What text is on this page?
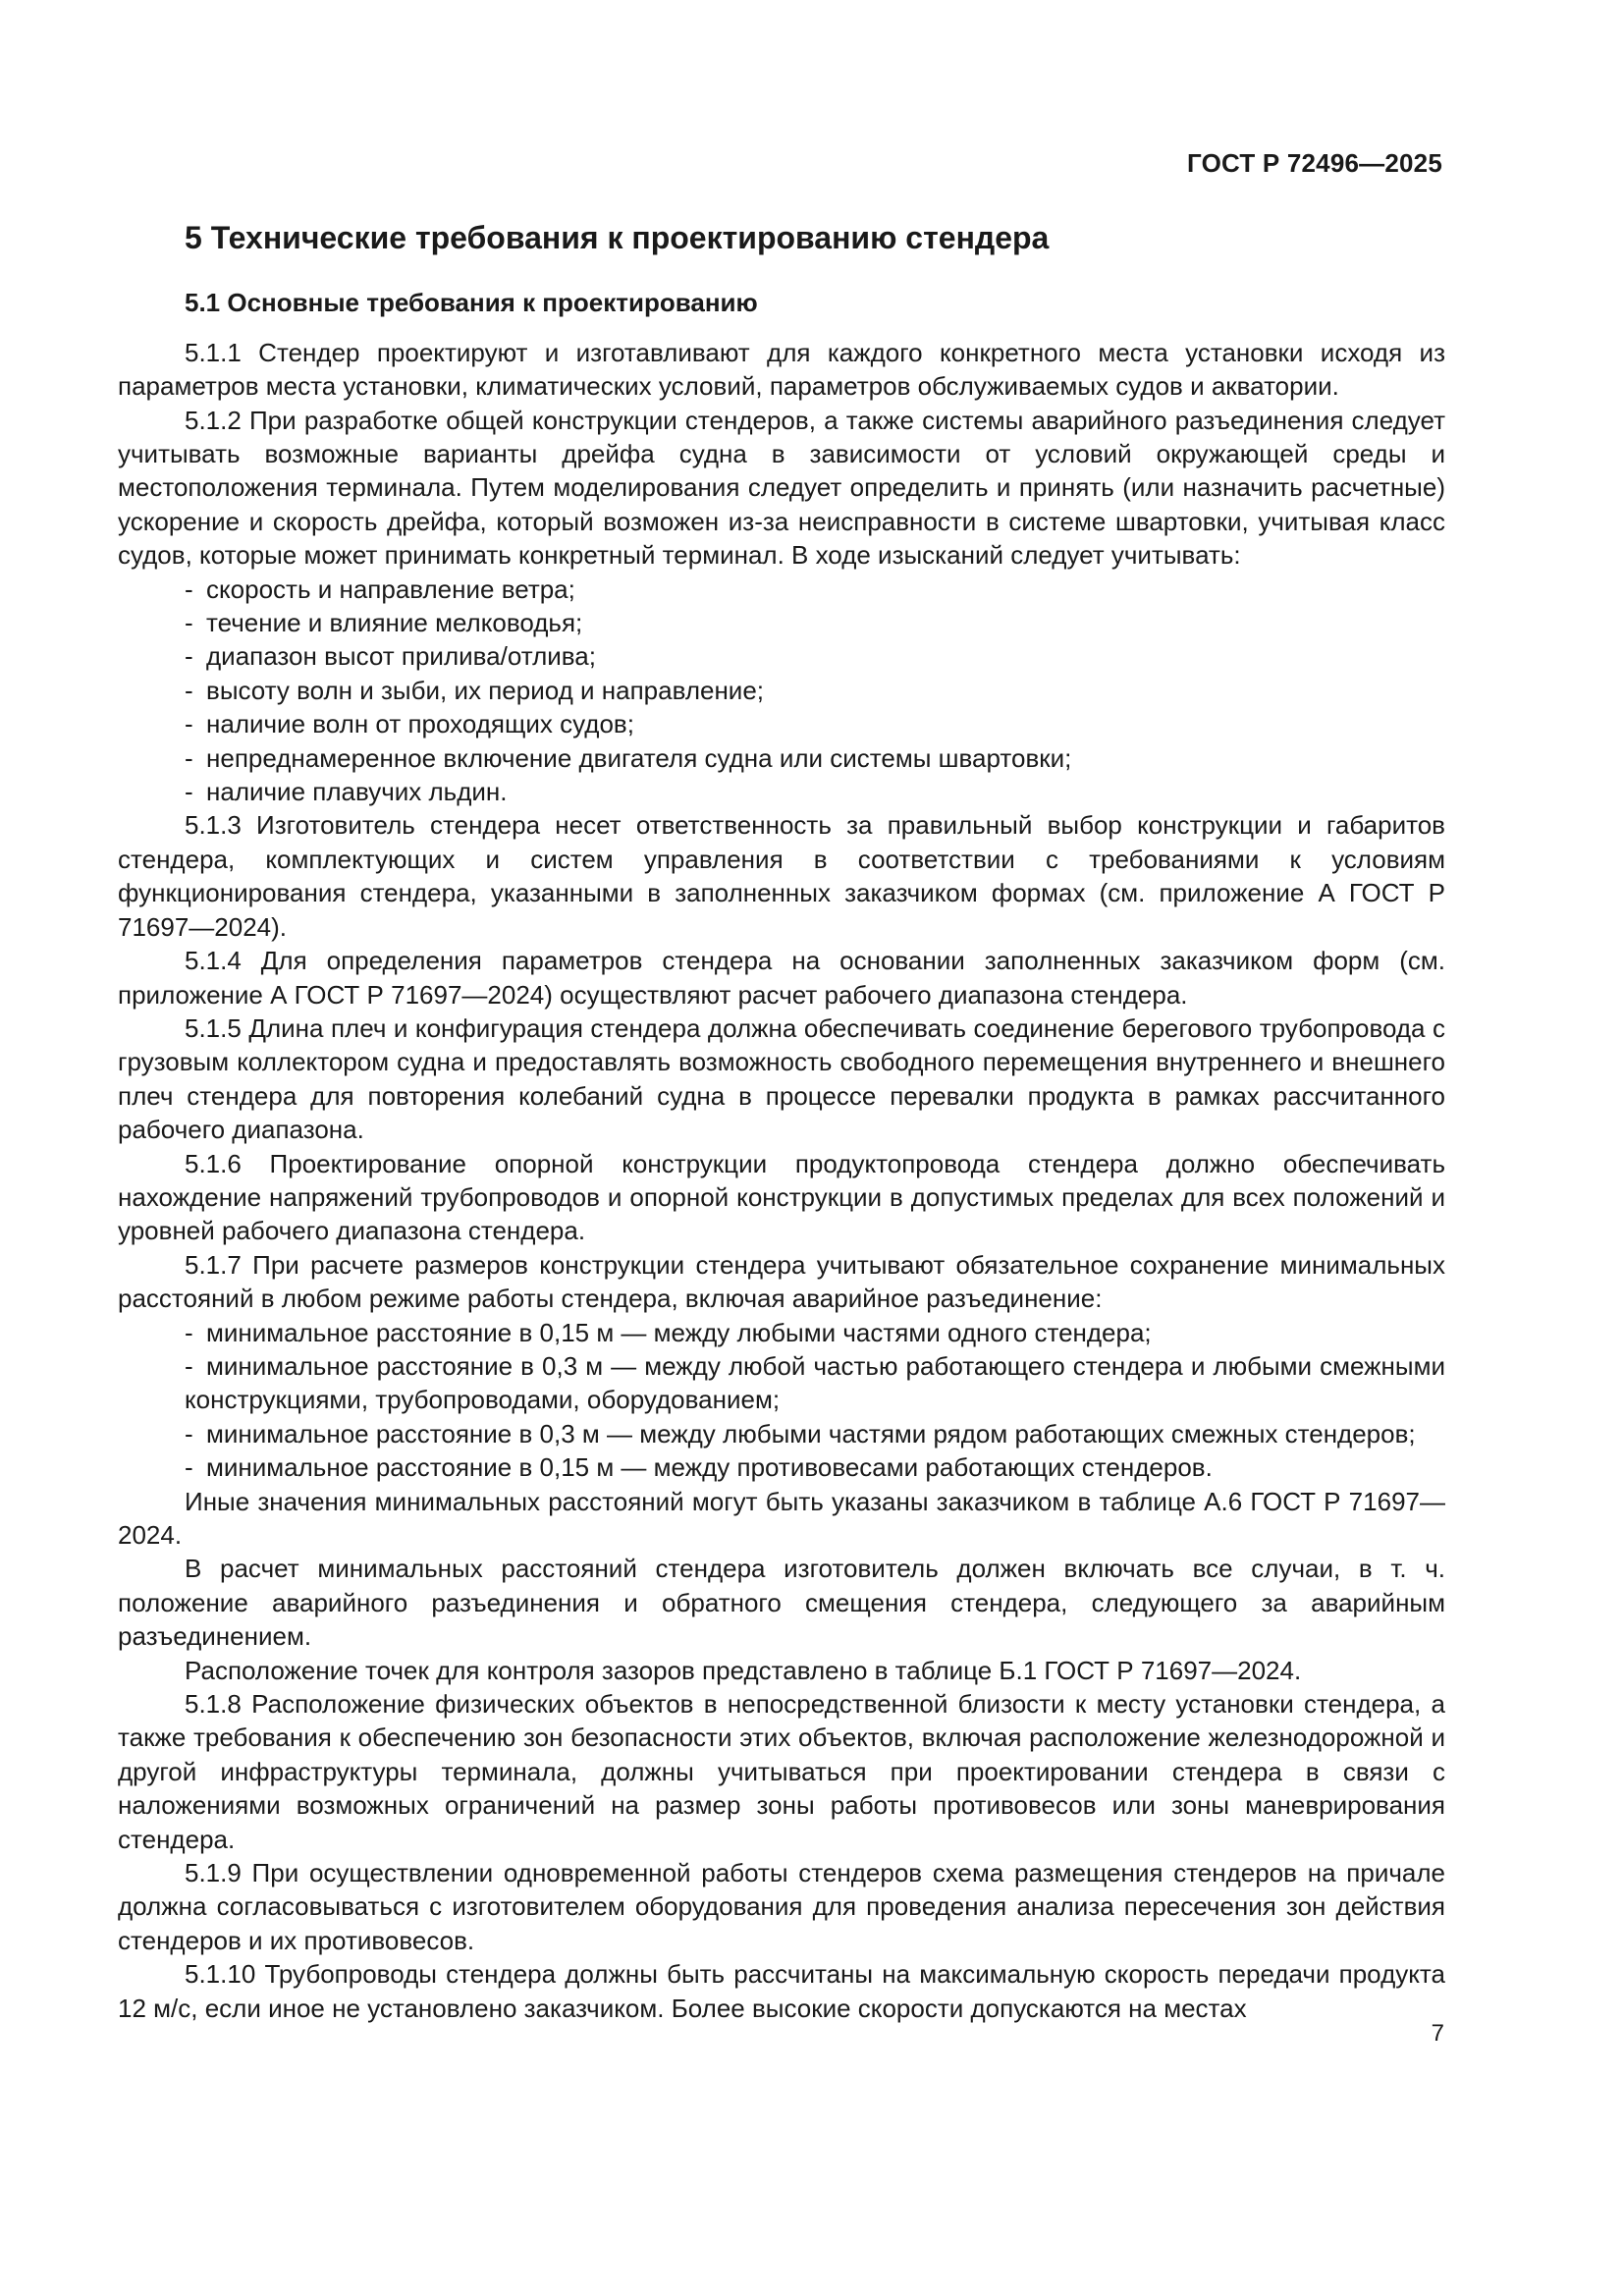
ГОСТ Р 72496—2025
5 Технические требования к проектированию стендера
5.1 Основные требования к проектированию

5.1.1 Стендер проектируют и изготавливают для каждого конкретного места установки исходя из параметров места установки, климатических условий, параметров обслуживаемых судов и акватории.

5.1.2 При разработке общей конструкции стендеров, а также системы аварийного разъединения следует учитывать возможные варианты дрейфа судна в зависимости от условий окружающей среды и местоположения терминала. Путем моделирования следует определить и принять (или назначить расчетные) ускорение и скорость дрейфа, который возможен из-за неисправности в системе швартовки, учитывая класс судов, которые может принимать конкретный терминал. В ходе изысканий следует учитывать:

- скорость и направление ветра;
- течение и влияние мелководья;
- диапазон высот прилива/отлива;
- высоту волн и зыби, их период и направление;
- наличие волн от проходящих судов;
- непреднамеренное включение двигателя судна или системы швартовки;
- наличие плавучих льдин.

5.1.3 Изготовитель стендера несет ответственность за правильный выбор конструкции и габаритов стендера, комплектующих и систем управления в соответствии с требованиями к условиям функционирования стендера, указанными в заполненных заказчиком формах (см. приложение А ГОСТ Р 71697—2024).

5.1.4 Для определения параметров стендера на основании заполненных заказчиком форм (см. приложение А ГОСТ Р 71697—2024) осуществляют расчет рабочего диапазона стендера.

5.1.5 Длина плеч и конфигурация стендера должна обеспечивать соединение берегового трубопровода с грузовым коллектором судна и предоставлять возможность свободного перемещения внутреннего и внешнего плеч стендера для повторения колебаний судна в процессе перевалки продукта в рамках рассчитанного рабочего диапазона.

5.1.6 Проектирование опорной конструкции продуктопровода стендера должно обеспечивать нахождение напряжений трубопроводов и опорной конструкции в допустимых пределах для всех положений и уровней рабочего диапазона стендера.

5.1.7 При расчете размеров конструкции стендера учитывают обязательное сохранение минимальных расстояний в любом режиме работы стендера, включая аварийное разъединение:

- минимальное расстояние в 0,15 м — между любыми частями одного стендера;
- минимальное расстояние в 0,3 м — между любой частью работающего стендера и любыми смежными конструкциями, трубопроводами, оборудованием;
- минимальное расстояние в 0,3 м — между любыми частями рядом работающих смежных стендеров;
- минимальное расстояние в 0,15 м — между противовесами работающих стендеров.

Иные значения минимальных расстояний могут быть указаны заказчиком в таблице А.6 ГОСТ Р 71697—2024.

В расчет минимальных расстояний стендера изготовитель должен включать все случаи, в т. ч. положение аварийного разъединения и обратного смещения стендера, следующего за аварийным разъединением.

Расположение точек для контроля зазоров представлено в таблице Б.1 ГОСТ Р 71697—2024.

5.1.8 Расположение физических объектов в непосредственной близости к месту установки стендера, а также требования к обеспечению зон безопасности этих объектов, включая расположение железнодорожной и другой инфраструктуры терминала, должны учитываться при проектировании стендера в связи с наложениями возможных ограничений на размер зоны работы противовесов или зоны маневрирования стендера.

5.1.9 При осуществлении одновременной работы стендеров схема размещения стендеров на причале должна согласовываться с изготовителем оборудования для проведения анализа пересечения зон действия стендеров и их противовесов.

5.1.10 Трубопроводы стендера должны быть рассчитаны на максимальную скорость передачи продукта 12 м/с, если иное не установлено заказчиком. Более высокие скорости допускаются на местах

7
